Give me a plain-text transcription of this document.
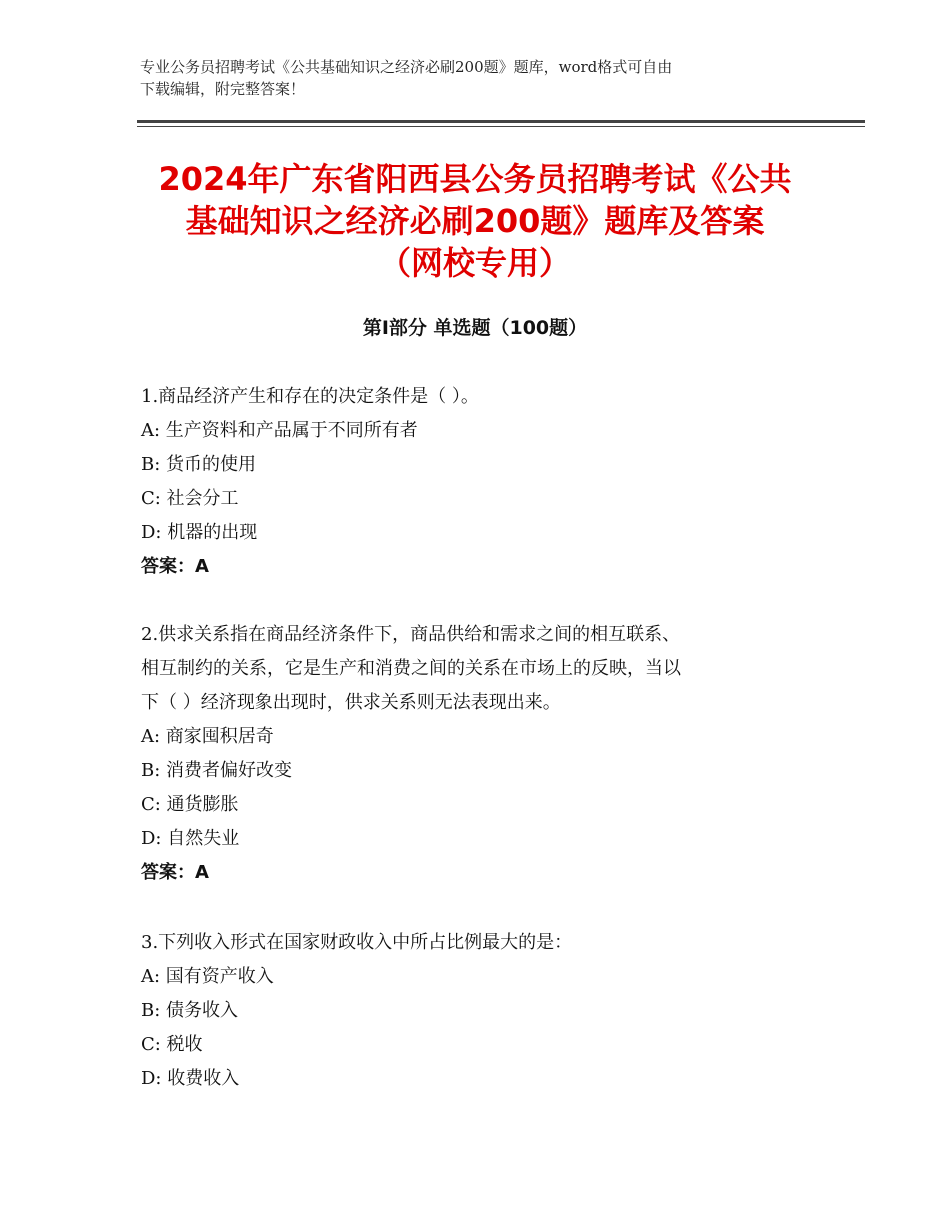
专业公务员招聘考试《公共基础知识之经济必刷200题》题库，word格式可自由
下载编辑，附完整答案！
2024年广东省阳西县公务员招聘考试《公共
基础知识之经济必刷200题》题库及答案
（网校专用）
第Ⅰ部分 单选题（100题）
1.商品经济产生和存在的决定条件是（ ）。
A: 生产资料和产品属于不同所有者
B: 货币的使用
C: 社会分工
D: 机器的出现
答案：A
2.供求关系指在商品经济条件下，商品供给和需求之间的相互联系、
相互制约的关系，它是生产和消费之间的关系在市场上的反映，当以
下（ ）经济现象出现时，供求关系则无法表现出来。
A: 商家囤积居奇
B: 消费者偏好改变
C: 通货膨胀
D: 自然失业
答案：A
3.下列收入形式在国家财政收入中所占比例最大的是：
A: 国有资产收入
B: 债务收入
C: 税收
D: 收费收入
